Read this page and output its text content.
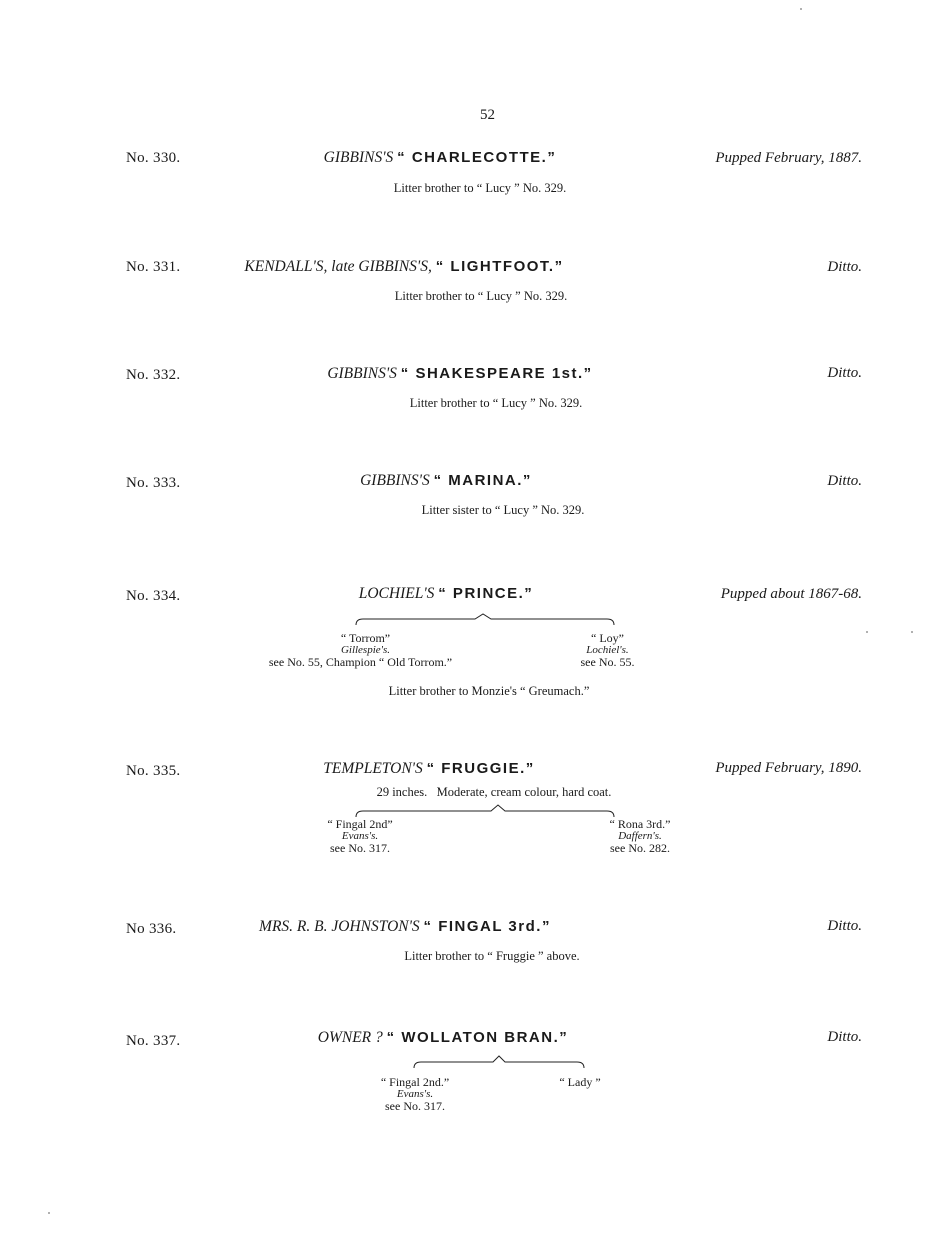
52
No. 330.	GIBBINS'S “ CHARLECOTTE.”	Pupped February, 1887.
Litter brother to “ Lucy ” No. 329.
No. 331.	KENDALL'S, late GIBBINS'S, “ LIGHTFOOT.”	Ditto.
Litter brother to “ Lucy ” No. 329.
No. 332.	GIBBINS'S “ SHAKESPEARE 1st.”	Ditto.
Litter brother to “ Lucy ” No. 329.
No. 333.	GIBBINS'S “ MARINA.”	Ditto.
Litter sister to “ Lucy ” No. 329.
No. 334.	LOCHIEL'S “ PRINCE.”	Pupped about 1867-68.
“ Torrom”
Gillespie's.
see No. 55, Champion “ Old Torrom.”
“ Loy”
Lochiel's.
see No. 55.
Litter brother to Monzie's “ Greumach.”
No. 335.	TEMPLETON'S “ FRUGGIE.”	Pupped February, 1890.
29 inches.   Moderate, cream colour, hard coat.
“ Fingal 2nd”
Evans's.
see No. 317.
“ Rona 3rd.”
Daffern's.
see No. 282.
No 336.	MRS. R. B. JOHNSTON'S “ FINGAL 3rd.”	Ditto.
Litter brother to “ Fruggie ” above.
No. 337.	OWNER ? “ WOLLATON BRAN.”	Ditto.
“ Fingal 2nd.”
Evans's.
see No. 317.
“ Lady ”
